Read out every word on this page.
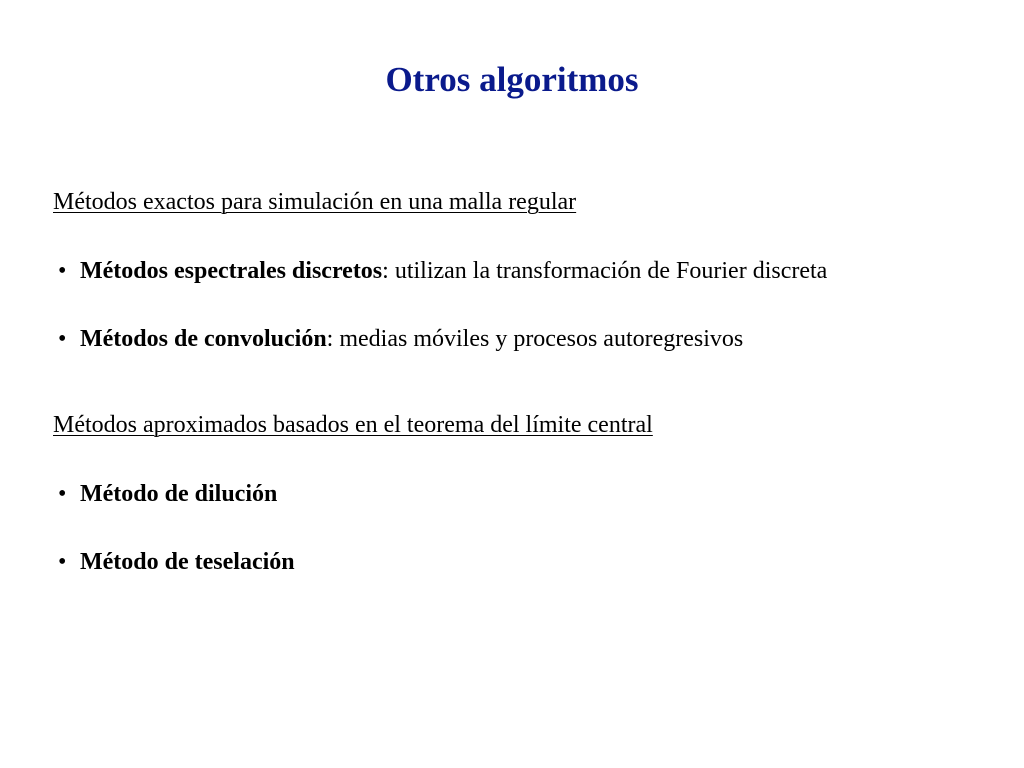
Otros algoritmos
Métodos exactos para simulación en una malla regular
• Métodos espectrales discretos: utilizan la transformación de Fourier discreta
• Métodos de convolución: medias móviles y procesos autoregresivos
Métodos aproximados basados en el teorema del límite central
• Método de dilución
• Método de teselación
